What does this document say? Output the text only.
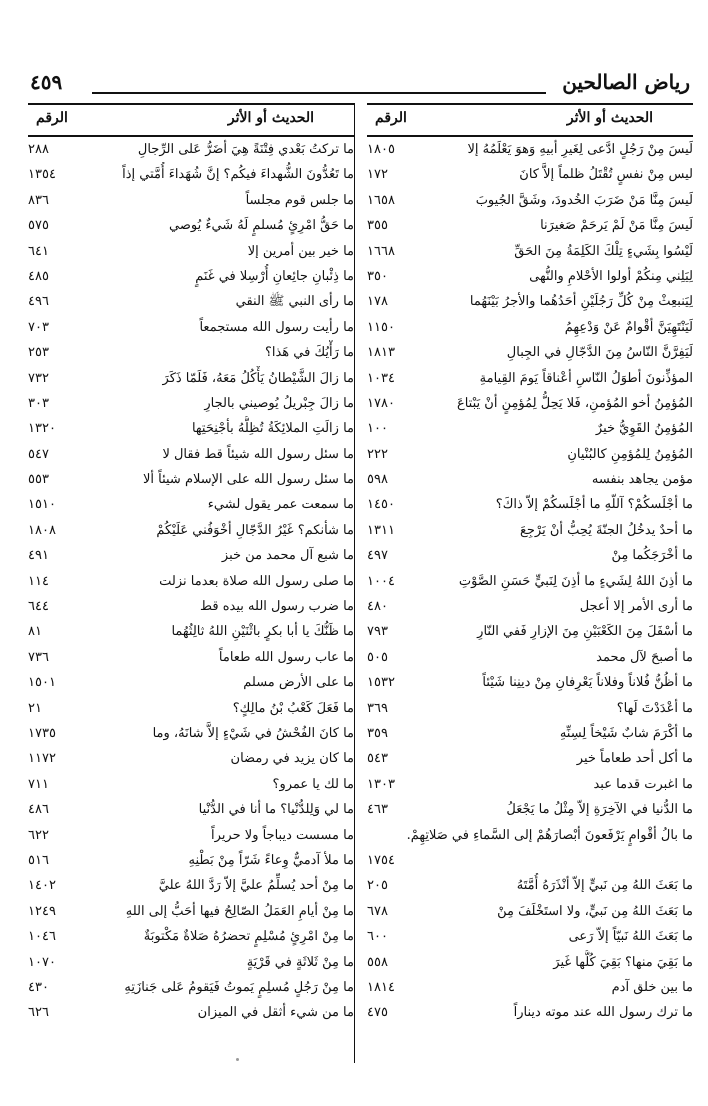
رياض الصالحين
٤٥٩
الحديث أو الأثر
الرقم
لَيسَ مِنْ رَجُلٍ ادَّعى لِغَيرِ أبيهِ وَهوَ يَعْلَمُهُ إلا
١٨٠٥
ليس مِنْ نفسٍ تُقْتَلُ ظلماً إلاَّ كانَ
١٧٢
لَيسَ مِنَّا مَنْ ضَرَبَ الخُدودَ، وشَقَّ الجُيوبَ
١٦٥٨
لَيسَ مِنَّا مَنْ لَمْ يَرحَمْ صَغيرَنا
٣٥٥
لَيْسُوا بِشَيءٍ تِلْكَ الكَلِمَةُ مِنَ الحَقِّ
١٦٦٨
لِيَلِني مِنكُمْ أولوا الأحْلامِ والنُّهى
٣٥٠
لِيَنبعِثْ مِنْ كُلِّ رَجُلَيْنِ أحَدُهُما والأجرُ بَيْنَهُما
١٧٨
لَيَنْتَهِيَنَّ أقْوامٌ عَنْ وَدْعِهِمُ
١١٥٠
لَيَفِرَّنَّ النّاسُ مِنَ الدَّجّالِ في الجِبالِ
١٨١٣
المؤذِّنونَ أطوَلُ النّاسِ أعْناقاً يَومَ القِيامةِ
١٠٣٤
المُؤمِنُ أخو المُؤمنِ، فَلا يَحِلُّ لِمُؤمِنٍ أنْ يَبْتاعَ
١٧٨٠
المُؤمِنُ القَوِيُّ خيرٌ
١٠٠
المُؤمِنُ لِلمُؤمِنِ كالبُنْيانِ
٢٢٢
مؤمن يجاهد بنفسه
٥٩٨
ما أجْلَسكُمْ؟ آللّهِ ما أجْلَسكُمْ إلاّ ذاكَ؟
١٤٥٠
ما أحدٌ يدخُلُ الجنّةَ يُحِبُّ أنْ يَرْجِعَ
١٣١١
ما أخْرَجَكُما مِنْ
٤٩٧
ما أذِنَ اللهُ لِشَيءٍ ما أذِنَ لِنَبيٍّ حَسَنِ الصَّوْتِ
١٠٠٤
ما أرى الأمر إلا أعجل
٤٨٠
ما أسْفَلَ مِنَ الكَعْبَيْنِ مِنَ الإزارِ فَفي النّارِ
٧٩٣
ما أصبحَ لآل محمد
٥٠٥
ما أظُنُّ فُلاناً وفلاناً يَعْرِفانِ مِنْ دينِنا شَيْئاً
١٥٣٢
ما أعْدَدْتَ لَها؟
٣٦٩
ما أكْرَمَ شابٌ شَيْخاً لِسِنِّهِ
٣٥٩
ما أكل أحد طعاماً خير
٥٤٣
ما اغبرت قدما عبد
١٣٠٣
ما الدُّنيا في الآخِرَةِ إلاّ مِثْلُ ما يَجْعَلُ
٤٦٣
ما بالُ أقْوامٍ يَرْفَعونَ أبْصارَهُمْ إلى السَّماءِ في صَلاتِهِمْ.
١٧٥٤
ما بَعَثَ اللهُ مِن نَبيٍّ إلاّ أنْذَرَهُ أُمَّتَهُ
٢٠٥
ما بَعَثَ اللهُ مِن نَبيٍّ، ولا استَخْلَفَ مِنْ
٦٧٨
ما بَعَثَ اللهُ نَبيّاً إلاّ رَعى
٦٠٠
ما بَقِيَ منها؟ بَقِيَ كُلُّها غَيرَ
٥٥٨
ما بين خلق آدم
١٨١٤
ما ترك رسول الله عند موته ديناراً
٤٧٥
الحديث أو الأثر
الرقم
ما تركتُ بَعْدي فِتْنَةً هِيَ أضَرُّ عَلى الرِّجالِ
٢٨٨
ما تَعُدُّونَ الشُّهداءَ فيكُم؟ إنَّ شُهَداءَ أُمَّتي إذاً
١٣٥٤
ما جلس قوم مجلساً
٨٣٦
ما حَقُّ امْرِئٍ مُسلمٍ لَهُ شَيءٌ يُوصي
٥٧٥
ما خير بين أمرين إلا
٦٤١
ما ذِئْبانِ جائِعانِ أُرْسِلا في غَنَمٍ
٤٨٥
ما رأى النبي ﷺ النقي
٤٩٦
ما رأيت رسول الله مستجمعاً
٧٠٣
ما رَأْيُكَ في هَذا؟
٢٥٣
ما زالَ الشَّيْطانُ يَأْكُلُ مَعَهُ، فَلَمّا ذَكَرَ
٧٣٢
ما زالَ جِبْريلُ يُوصيني بالجارِ
٣٠٣
ما زالَتِ الملائِكَةُ تُظِلُّهُ بأجْنِحَتِها
١٣٢٠
ما سئل رسول الله شيئاً قط فقال لا
٥٤٧
ما سئل رسول الله على الإسلام شيئاً ألا
٥٥٣
ما سمعت عمر يقول لشيء
١٥١٠
ما شأنكم؟ غَيْرُ الدَّجّالِ أخْوَفُني عَلَيْكُمْ
١٨٠٨
ما شبع آل محمد من خبز
٤٩١
ما صلى رسول الله صلاة بعدما نزلت
١١٤
ما ضرب رسول الله بيده قط
٦٤٤
ما ظَنُّكَ يا أبا بكرٍ باثْنَيْنِ اللهُ ثالِثُهُما
٨١
ما عاب رسول الله طعاماً
٧٣٦
ما على الأرض مسلم
١٥٠١
ما فَعَلَ كَعْبُ بْنُ مالِكٍ؟
٢١
ما كانَ الفُحْشُ في شَيْءٍ إلاَّ شانَهُ، وما
١٧٣٥
ما كان يزيد في رمضان
١١٧٢
ما لك يا عمرو؟
٧١١
ما لي وَلِلدُّنْيا؟ ما أنا في الدُّنْيا
٤٨٦
ما مسست ديباجاً ولا حريراً
٦٢٢
ما ملأ آدميٌّ وِعاءً شَرّاً مِنْ بَطْنِهِ
٥١٦
ما مِنْ أحد يُسلِّمُ عليَّ إلاّ رَدَّ اللهُ عليَّ
١٤٠٢
ما مِنْ أيامِ العَمَلُ الصّالِحُ فيها أحَبُّ إلى اللهِ
١٢٤٩
ما مِنْ امْرِئٍ مُسْلِمٍ تحضرُهُ صَلاةٌ مَكْتوبَةٌ
١٠٤٦
ما مِنْ ثَلاثَةٍ في قَرْيَةٍ
١٠٧٠
ما مِنْ رَجُلٍ مُسلِمٍ يَموتُ فَيَقومُ عَلى جَنازَتِهِ
٤٣٠
ما من شيء أثقل في الميزان
٦٢٦
